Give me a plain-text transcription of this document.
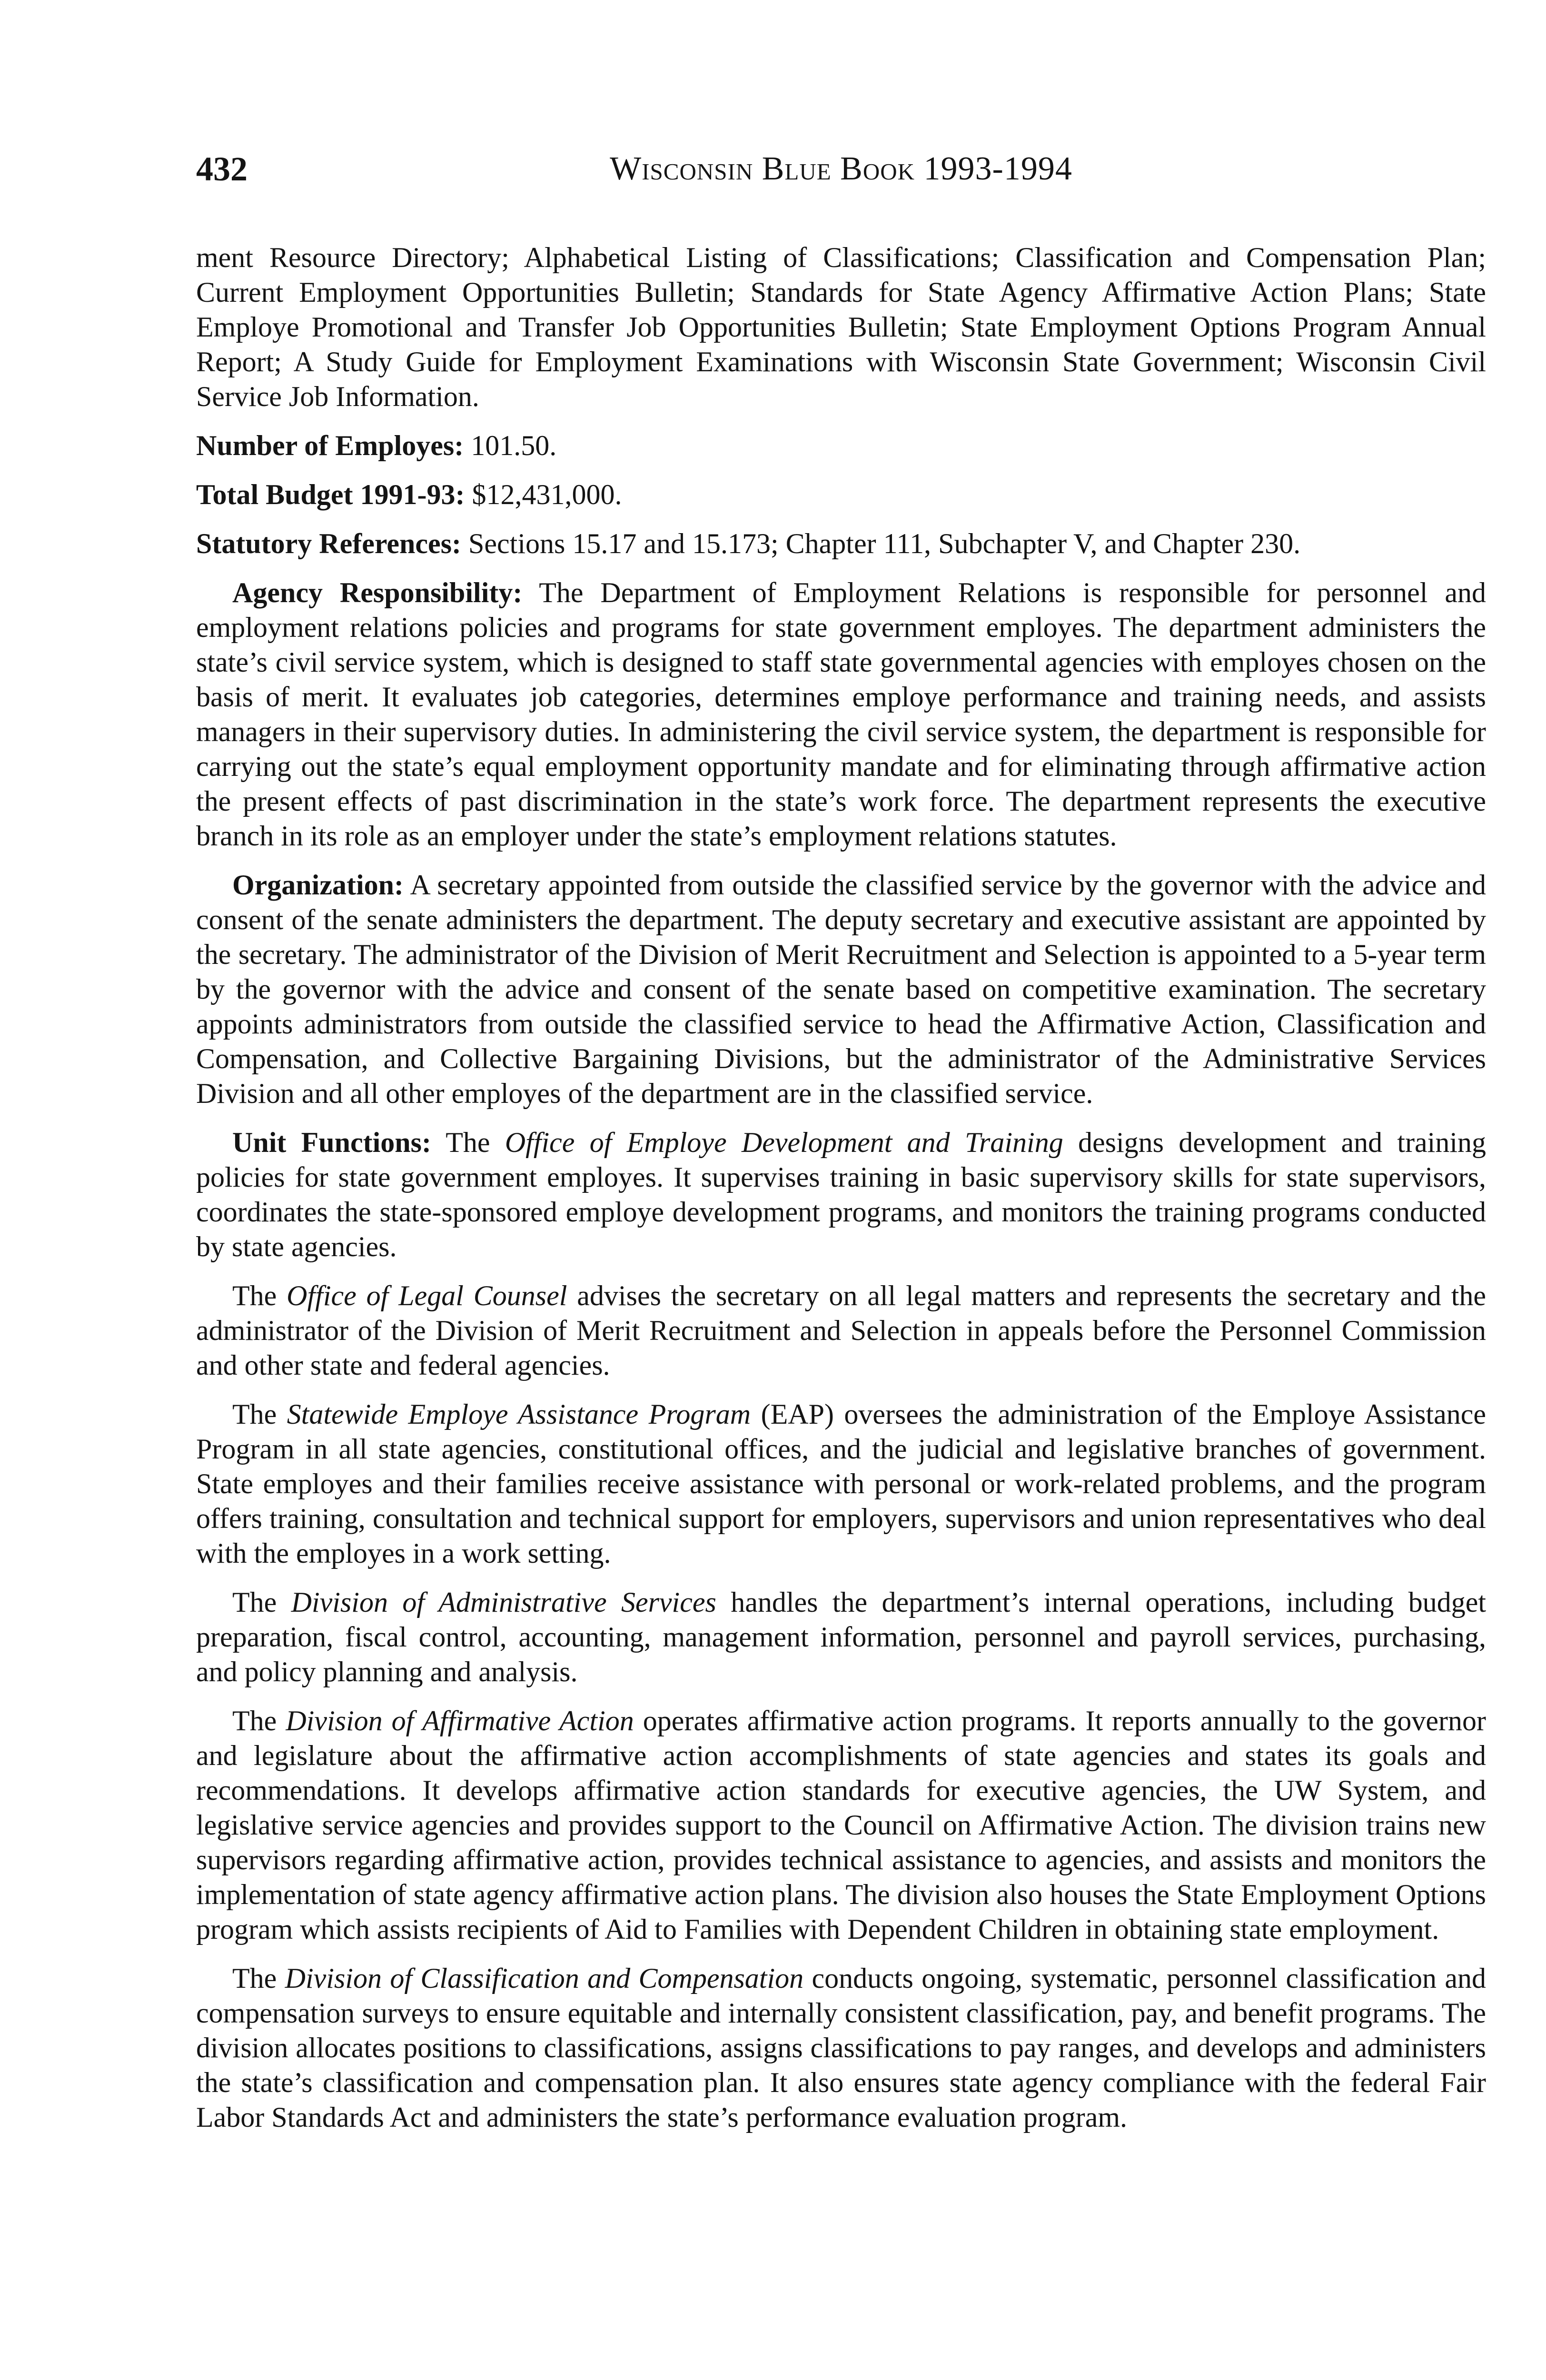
432	Wisconsin Blue Book 1993-1994

ment Resource Directory; Alphabetical Listing of Classifications; Classification and Compensation Plan; Current Employment Opportunities Bulletin; Standards for State Agency Affirmative Action Plans; State Employe Promotional and Transfer Job Opportunities Bulletin; State Employment Options Program Annual Report; A Study Guide for Employment Examinations with Wisconsin State Government; Wisconsin Civil Service Job Information.

Number of Employes: 101.50.

Total Budget 1991-93: $12,431,000.

Statutory References: Sections 15.17 and 15.173; Chapter 111, Subchapter V, and Chapter 230.

Agency Responsibility: The Department of Employment Relations is responsible for personnel and employment relations policies and programs for state government employes. The department administers the state’s civil service system, which is designed to staff state governmental agencies with employes chosen on the basis of merit. It evaluates job categories, determines employe performance and training needs, and assists managers in their supervisory duties. In administering the civil service system, the department is responsible for carrying out the state’s equal employment opportunity mandate and for eliminating through affirmative action the present effects of past discrimination in the state’s work force. The department represents the executive branch in its role as an employer under the state’s employment relations statutes.

Organization: A secretary appointed from outside the classified service by the governor with the advice and consent of the senate administers the department. The deputy secretary and executive assistant are appointed by the secretary. The administrator of the Division of Merit Recruitment and Selection is appointed to a 5-year term by the governor with the advice and consent of the senate based on competitive examination. The secretary appoints administrators from outside the classified service to head the Affirmative Action, Classification and Compensation, and Collective Bargaining Divisions, but the administrator of the Administrative Services Division and all other employes of the department are in the classified service.

Unit Functions: The Office of Employe Development and Training designs development and training policies for state government employes. It supervises training in basic supervisory skills for state supervisors, coordinates the state-sponsored employe development programs, and monitors the training programs conducted by state agencies.

The Office of Legal Counsel advises the secretary on all legal matters and represents the secretary and the administrator of the Division of Merit Recruitment and Selection in appeals before the Personnel Commission and other state and federal agencies.

The Statewide Employe Assistance Program (EAP) oversees the administration of the Employe Assistance Program in all state agencies, constitutional offices, and the judicial and legislative branches of government. State employes and their families receive assistance with personal or work-related problems, and the program offers training, consultation and technical support for employers, supervisors and union representatives who deal with the employes in a work setting.

The Division of Administrative Services handles the department’s internal operations, including budget preparation, fiscal control, accounting, management information, personnel and payroll services, purchasing, and policy planning and analysis.

The Division of Affirmative Action operates affirmative action programs. It reports annually to the governor and legislature about the affirmative action accomplishments of state agencies and states its goals and recommendations. It develops affirmative action standards for executive agencies, the UW System, and legislative service agencies and provides support to the Council on Affirmative Action. The division trains new supervisors regarding affirmative action, provides technical assistance to agencies, and assists and monitors the implementation of state agency affirmative action plans. The division also houses the State Employment Options program which assists recipients of Aid to Families with Dependent Children in obtaining state employment.

The Division of Classification and Compensation conducts ongoing, systematic, personnel classification and compensation surveys to ensure equitable and internally consistent classification, pay, and benefit programs. The division allocates positions to classifications, assigns classifications to pay ranges, and develops and administers the state’s classification and compensation plan. It also ensures state agency compliance with the federal Fair Labor Standards Act and administers the state’s performance evaluation program.
